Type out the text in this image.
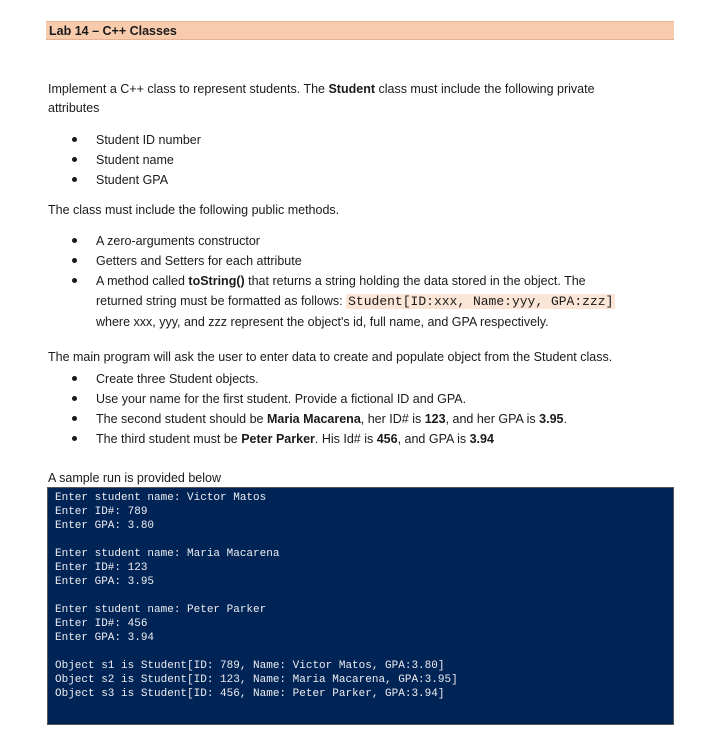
Lab 14 – C++ Classes
Implement a C++ class to represent students. The Student class must include the following private
attributes
Student ID number
Student name
Student GPA
The class must include the following public methods.
A zero-arguments constructor
Getters and Setters for each attribute
A method called toString() that returns a string holding the data stored in the object. The
returned string must be formatted as follows: Student[ID:xxx, Name:yyy, GPA:zzz]
where xxx, yyy, and zzz represent the object's id, full name, and GPA respectively.
The main program will ask the user to enter data to create and populate object from the Student class.
Create three Student objects.
Use your name for the first student. Provide a fictional ID and GPA.
The second student should be Maria Macarena, her ID# is 123, and her GPA is 3.95.
The third student must be Peter Parker. His Id# is 456, and GPA is 3.94
A sample run is provided below
Enter student name: Victor Matos
Enter ID#: 789
Enter GPA: 3.80
Enter student name: Maria Macarena
Enter ID#: 123
Enter GPA: 3.95
Enter student name: Peter Parker
Enter ID#: 456
Enter GPA: 3.94
Object s1 is Student[ID: 789, Name: Victor Matos, GPA:3.80]
Object s2 is Student[ID: 123, Name: Maria Macarena, GPA:3.95]
Object s3 is Student[ID: 456, Name: Peter Parker, GPA:3.94]
